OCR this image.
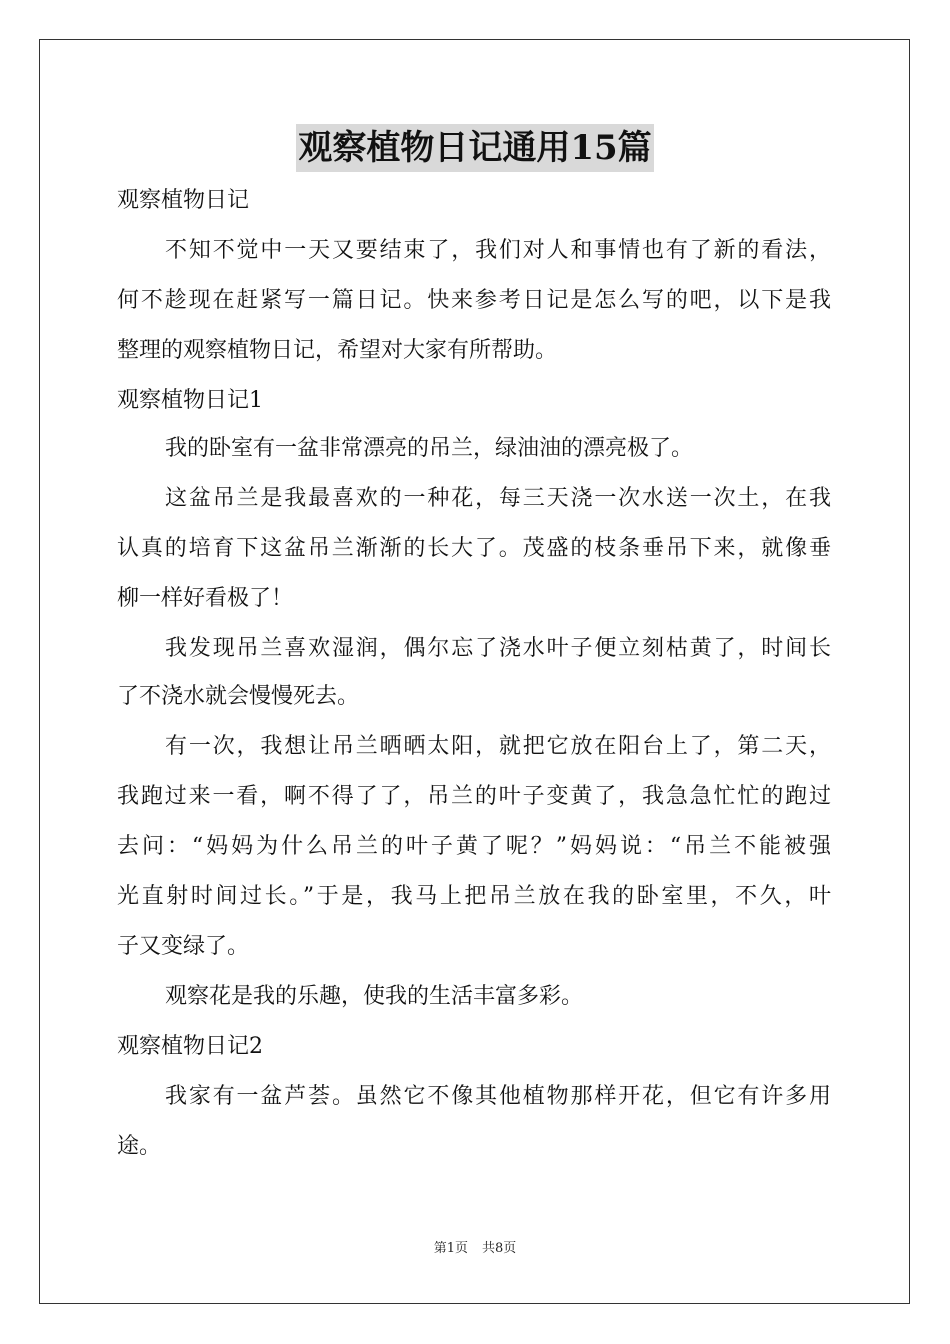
观察植物日记通用15篇
观察植物日记
不知不觉中一天又要结束了，我们对人和事情也有了新的看法，
何不趁现在赶紧写一篇日记。快来参考日记是怎么写的吧，以下是我
整理的观察植物日记，希望对大家有所帮助。
观察植物日记1
我的卧室有一盆非常漂亮的吊兰，绿油油的漂亮极了。
这盆吊兰是我最喜欢的一种花，每三天浇一次水送一次土，在我
认真的培育下这盆吊兰渐渐的长大了。茂盛的枝条垂吊下来，就像垂
柳一样好看极了！
我发现吊兰喜欢湿润，偶尔忘了浇水叶子便立刻枯黄了，时间长
了不浇水就会慢慢死去。
有一次，我想让吊兰晒晒太阳，就把它放在阳台上了，第二天，
我跑过来一看，啊不得了了，吊兰的叶子变黄了，我急急忙忙的跑过
去问：“妈妈为什么吊兰的叶子黄了呢？”妈妈说：“吊兰不能被强
光直射时间过长。”于是，我马上把吊兰放在我的卧室里，不久，叶
子又变绿了。
观察花是我的乐趣，使我的生活丰富多彩。
观察植物日记2
我家有一盆芦荟。虽然它不像其他植物那样开花，但它有许多用
途。
第1页 共8页
